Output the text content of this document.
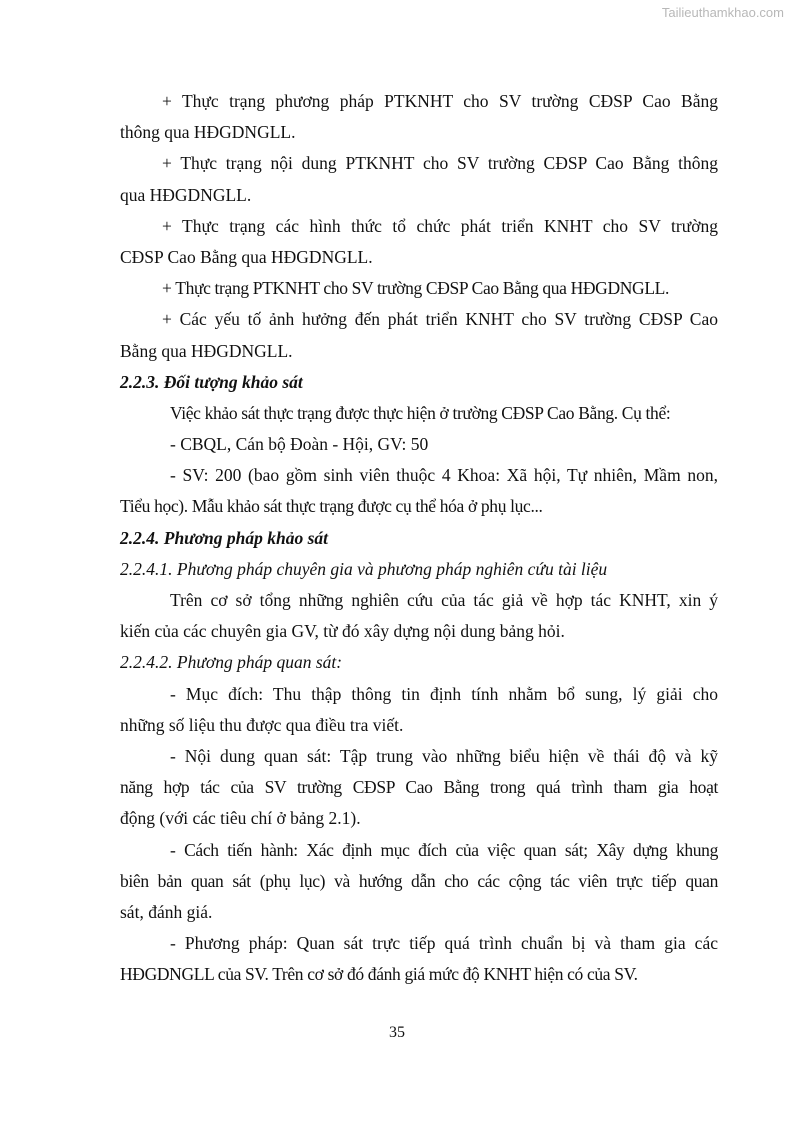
Tailieuthamkhao.com
+ Thực trạng phương pháp PTKNHT cho SV trường CĐSP Cao Bằng
thông qua HĐGDNGLL.
+ Thực trạng nội dung PTKNHT cho SV trường CĐSP Cao Bằng thông
qua HĐGDNGLL.
+ Thực trạng các hình thức tổ chức phát triển KNHT cho SV trường
CĐSP Cao Bằng qua HĐGDNGLL.
+ Thực trạng PTKNHT cho SV trường CĐSP Cao Bằng qua HĐGDNGLL.
+ Các yếu tố ảnh hưởng đến phát triển KNHT cho SV trường CĐSP Cao
Bằng qua HĐGDNGLL.
2.2.3. Đối tượng khảo sát
Việc khảo sát thực trạng được thực hiện ở trường CĐSP Cao Bằng. Cụ thể:
- CBQL, Cán bộ Đoàn - Hội, GV: 50
- SV: 200 (bao gồm sinh viên thuộc 4 Khoa: Xã hội, Tự nhiên, Mầm non,
Tiểu học). Mẫu khảo sát thực trạng được cụ thể hóa ở phụ lục...
2.2.4. Phương pháp khảo sát
2.2.4.1. Phương pháp chuyên gia và phương pháp nghiên cứu tài liệu
Trên cơ sở tổng những nghiên cứu của tác giả về hợp tác KNHT, xin ý
kiến của các chuyên gia GV, từ đó xây dựng nội dung bảng hỏi.
2.2.4.2. Phương pháp quan sát:
- Mục đích: Thu thập thông tin định tính nhằm bổ sung, lý giải cho
những số liệu thu được qua điều tra viết.
- Nội dung quan sát: Tập trung vào những biểu hiện về thái độ và kỹ
năng hợp tác của SV trường CĐSP Cao Bằng trong quá trình tham gia hoạt
động (với các tiêu chí ở bảng 2.1).
- Cách tiến hành: Xác định mục đích của việc quan sát; Xây dựng khung
biên bản quan sát (phụ lục) và hướng dẫn cho các cộng tác viên trực tiếp quan
sát, đánh giá.
- Phương pháp: Quan sát trực tiếp quá trình chuẩn bị và tham gia các
HĐGDNGLL của SV. Trên cơ sở đó đánh giá mức độ KNHT hiện có của SV.
35
